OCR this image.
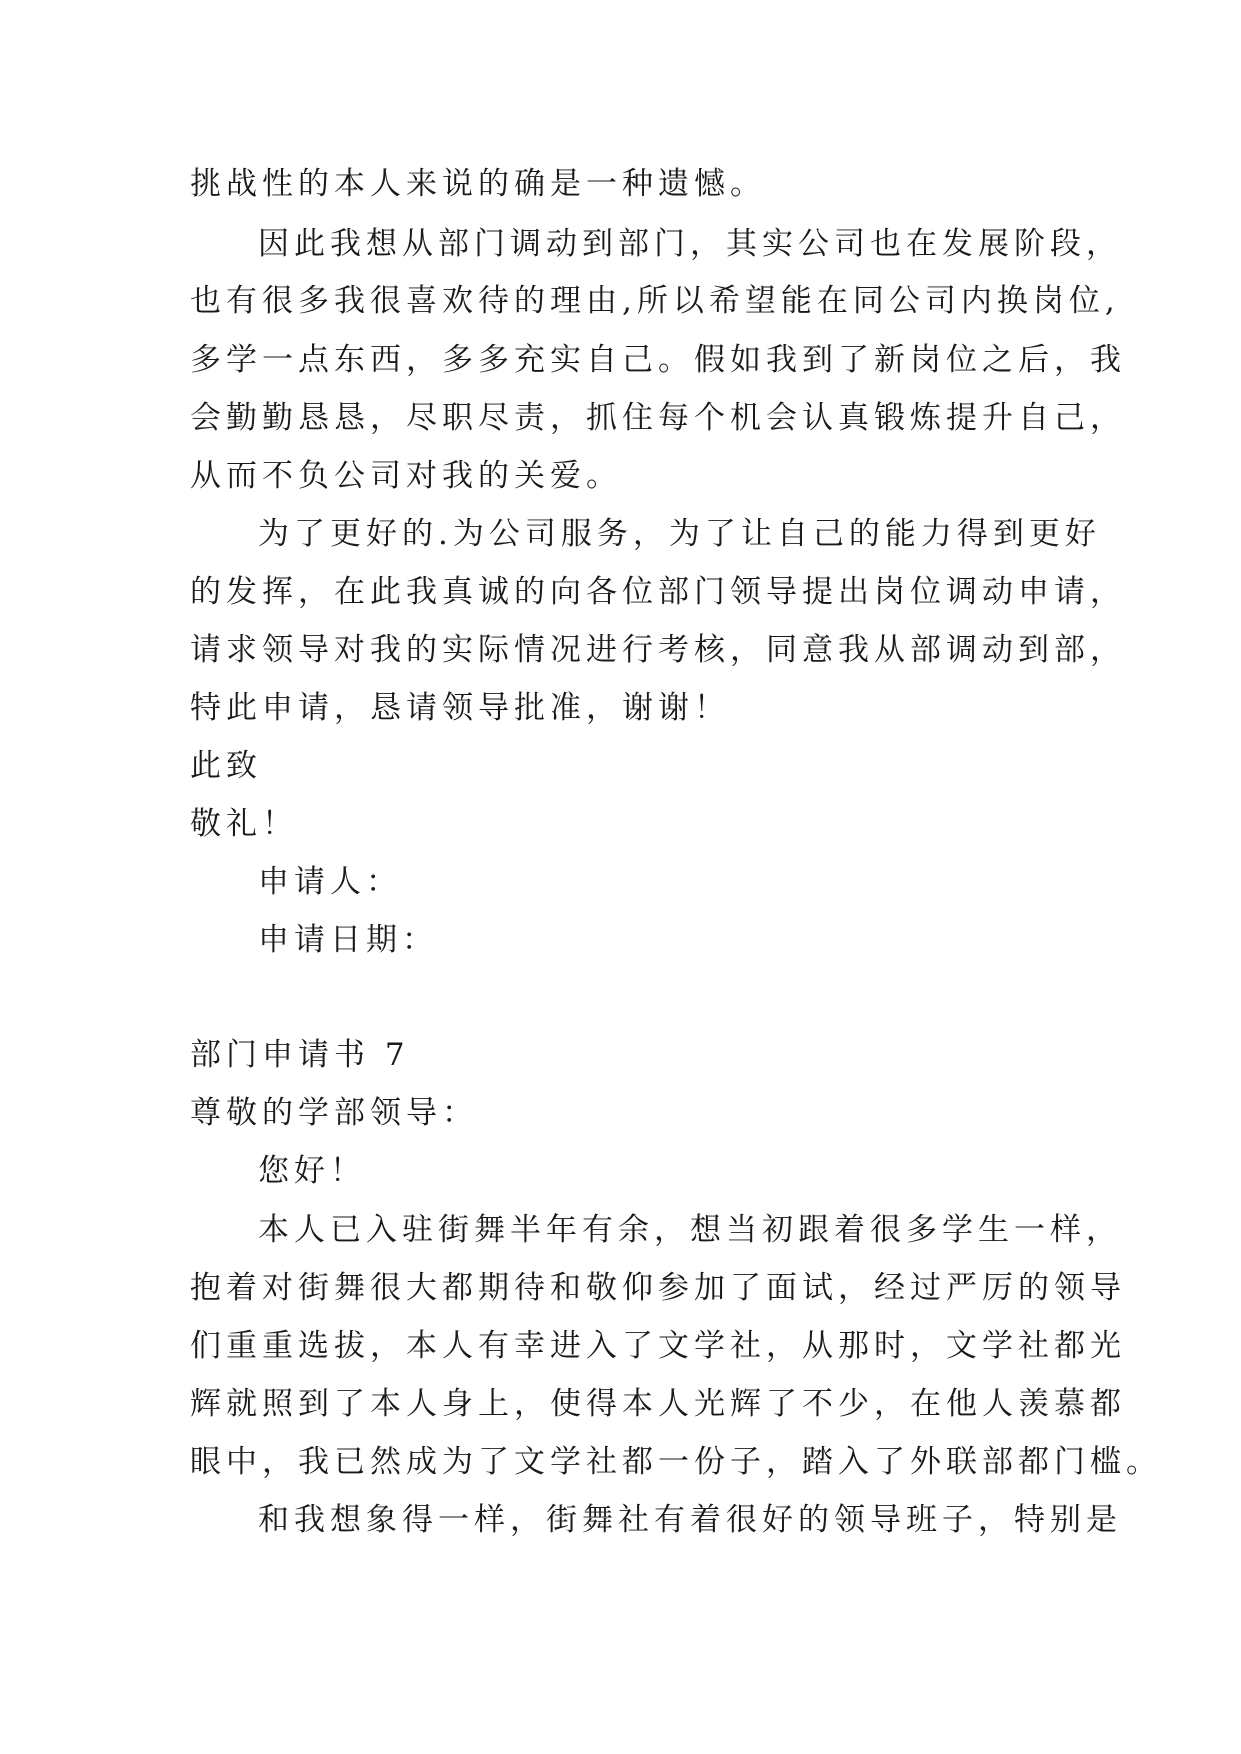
挑战性的本人来说的确是一种遗憾。

因此我想从部门调动到部门，其实公司也在发展阶段，

也有很多我很喜欢待的理由,所以希望能在同公司内换岗位,

多学一点东西，多多充实自己。假如我到了新岗位之后，我

会勤勤恳恳，尽职尽责，抓住每个机会认真锻炼提升自己，

从而不负公司对我的关爱。

为了更好的.为公司服务，为了让自己的能力得到更好

的发挥，在此我真诚的向各位部门领导提出岗位调动申请，

请求领导对我的实际情况进行考核，同意我从部调动到部，

特此申请，恳请领导批准，谢谢！

此致

敬礼！

申请人：

申请日期：

部门申请书 7

尊敬的学部领导：

您好！

本人已入驻街舞半年有余，想当初跟着很多学生一样，

抱着对街舞很大都期待和敬仰参加了面试，经过严厉的领导

们重重选拔，本人有幸进入了文学社，从那时，文学社都光

辉就照到了本人身上，使得本人光辉了不少，在他人羡慕都

眼中，我已然成为了文学社都一份子，踏入了外联部都门槛。

和我想象得一样，街舞社有着很好的领导班子，特别是
